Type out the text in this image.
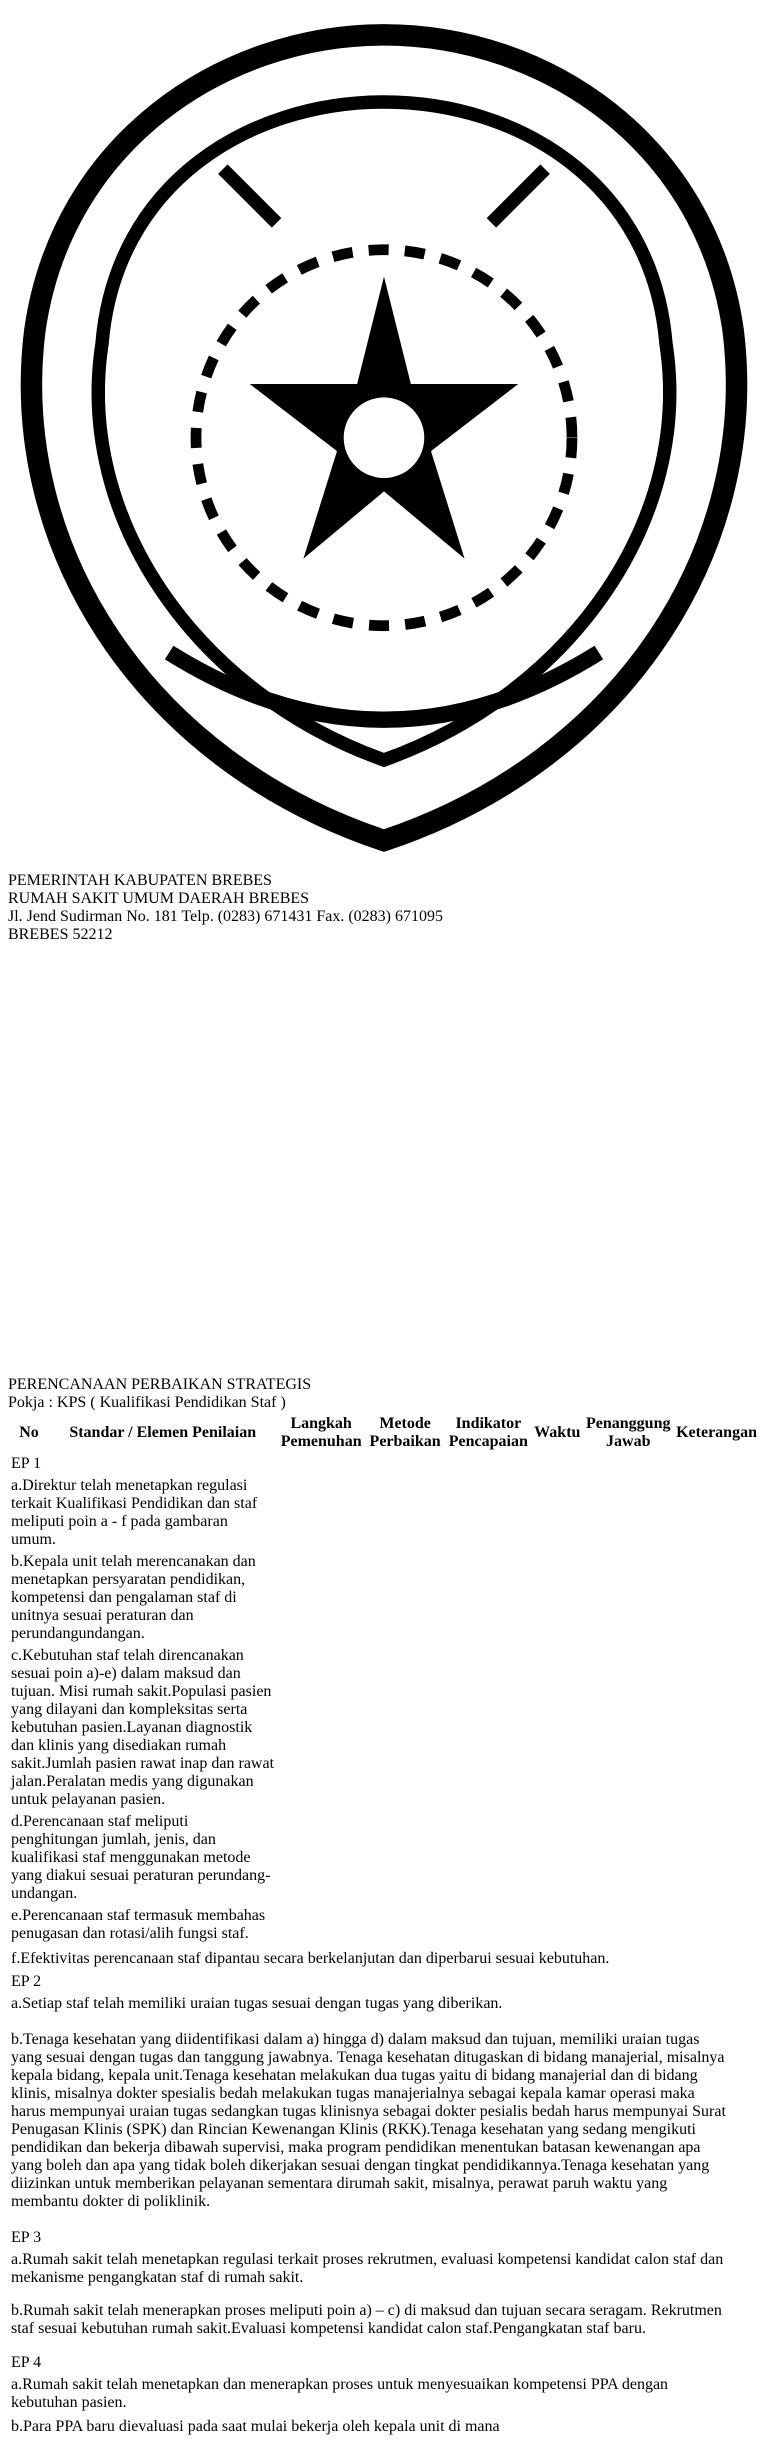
PEMERINTAH KABUPATEN BREBES
RUMAH SAKIT UMUM DAERAH BREBES
Jl. Jend Sudirman No. 181 Telp. (0283) 671431 Fax. (0283) 671095
BREBES 52212
PERENCANAAN PERBAIKAN STRATEGIS
Pokja : KPS ( Kualifikasi Pendidikan Staf )
No	Standar / Elemen Penilaian	Langkah Pemenuhan	Metode Perbaikan	Indikator Pencapaian	Waktu	Penanggung Jawab	Keterangan
EP 1							
a.Direktur telah menetapkan regulasi terkait Kualifikasi Pendidikan dan staf meliputi poin a - f pada gambaran umum.							
b.Kepala unit telah merencanakan dan menetapkan persyaratan pendidikan, kompetensi dan pengalaman staf di unitnya sesuai peraturan dan perundangundangan.							
c.Kebutuhan staf telah direncanakan sesuai poin a)-e) dalam maksud dan tujuan. Misi rumah sakit.Populasi pasien yang dilayani dan kompleksitas serta kebutuhan pasien.Layanan diagnostik dan klinis yang disediakan rumah sakit.Jumlah pasien rawat inap dan rawat jalan.Peralatan medis yang digunakan untuk pelayanan pasien.							
d.Perencanaan staf meliputi penghitungan jumlah, jenis, dan kualifikasi staf menggunakan metode yang diakui sesuai peraturan perundang-undangan.							
e.Perencanaan staf termasuk membahas penugasan dan rotasi/alih fungsi staf.							
f.Efektivitas perencanaan staf dipantau secara berkelanjutan dan diperbarui sesuai kebutuhan.						
EP 2						
a.Setiap staf telah memiliki uraian tugas sesuai dengan tugas yang diberikan.						
b.Tenaga kesehatan yang diidentifikasi dalam a) hingga d) dalam maksud dan tujuan, memiliki uraian tugas yang sesuai dengan tugas dan tanggung jawabnya. Tenaga kesehatan ditugaskan di bidang manajerial, misalnya kepala bidang, kepala unit.Tenaga kesehatan melakukan dua tugas yaitu di bidang manajerial dan di bidang klinis, misalnya dokter spesialis bedah melakukan tugas manajerialnya sebagai kepala kamar operasi maka harus mempunyai uraian tugas sedangkan tugas klinisnya sebagai dokter pesialis bedah harus mempunyai Surat Penugasan Klinis (SPK) dan Rincian Kewenangan Klinis (RKK).Tenaga kesehatan yang sedang mengikuti pendidikan dan bekerja dibawah supervisi, maka program pendidikan menentukan batasan kewenangan apa yang boleh dan apa yang tidak boleh dikerjakan sesuai dengan tingkat pendidikannya.Tenaga kesehatan yang diizinkan untuk memberikan pelayanan sementara dirumah sakit, misalnya, perawat paruh waktu yang membantu dokter di poliklinik.						
EP 3						
a.Rumah sakit telah menetapkan regulasi terkait proses rekrutmen, evaluasi kompetensi kandidat calon staf dan mekanisme pengangkatan staf di rumah sakit.						
b.Rumah sakit telah menerapkan proses meliputi poin a) – c) di maksud dan tujuan secara seragam. Rekrutmen staf sesuai kebutuhan rumah sakit.Evaluasi kompetensi kandidat calon staf.Pengangkatan staf baru.						
EP 4						
a.Rumah sakit telah menetapkan dan menerapkan proses untuk menyesuaikan kompetensi PPA dengan kebutuhan pasien.						
b.Para PPA baru dievaluasi pada saat mulai bekerja oleh kepala unit di mana						
